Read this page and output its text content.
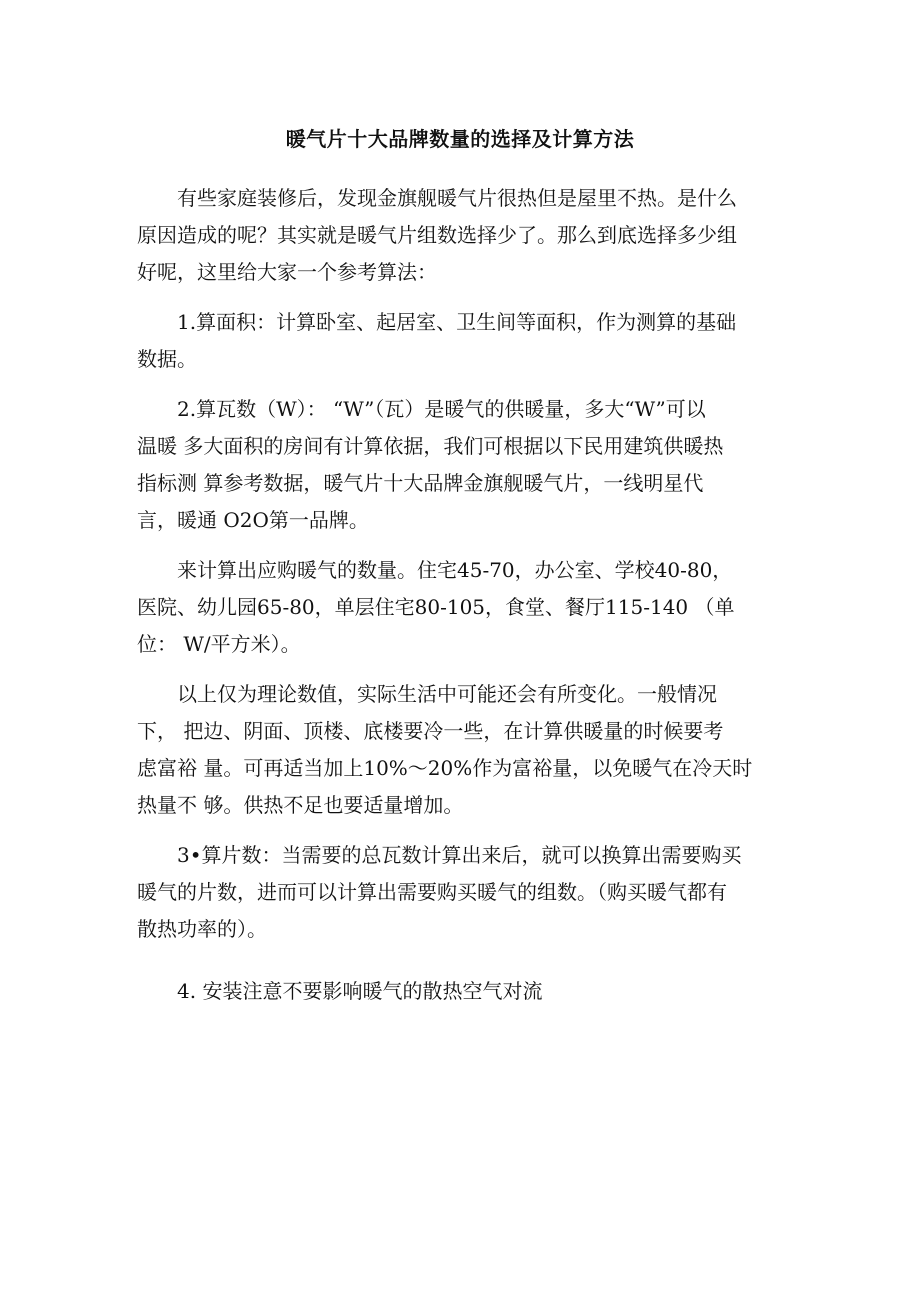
暖气片十大品牌数量的选择及计算方法

有些家庭装修后，发现金旗舰暖气片很热但是屋里不热。是什么
原因造成的呢？其实就是暖气片组数选择少了。那么到底选择多少组
好呢，这里给大家一个参考算法：

1.算面积：计算卧室、起居室、卫生间等面积，作为测算的基础
数据。

2.算瓦数（W）： “W”（瓦）是暖气的供暖量，多大“W”可以
温暖 多大面积的房间有计算依据，我们可根据以下民用建筑供暖热
指标测 算参考数据，暖气片十大品牌金旗舰暖气片，一线明星代
言，暖通 O2O第一品牌。

来计算出应购暖气的数量。住宅45-70，办公室、学校40-80，
医院、幼儿园65-80，单层住宅80-105，食堂、餐厅115-140 （单
位： W/平方米）。

以上仅为理论数值，实际生活中可能还会有所变化。一般情况
下， 把边、阴面、顶楼、底楼要冷一些，在计算供暖量的时候要考
虑富裕 量。可再适当加上10%〜20%作为富裕量，以免暖气在冷天时
热量不 够。供热不足也要适量增加。

3•算片数：当需要的总瓦数计算出来后，就可以换算出需要购买
暖气的片数，进而可以计算出需要购买暖气的组数。（购买暖气都有
散热功率的）。

4. 安装注意不要影响暖气的散热空气对流
